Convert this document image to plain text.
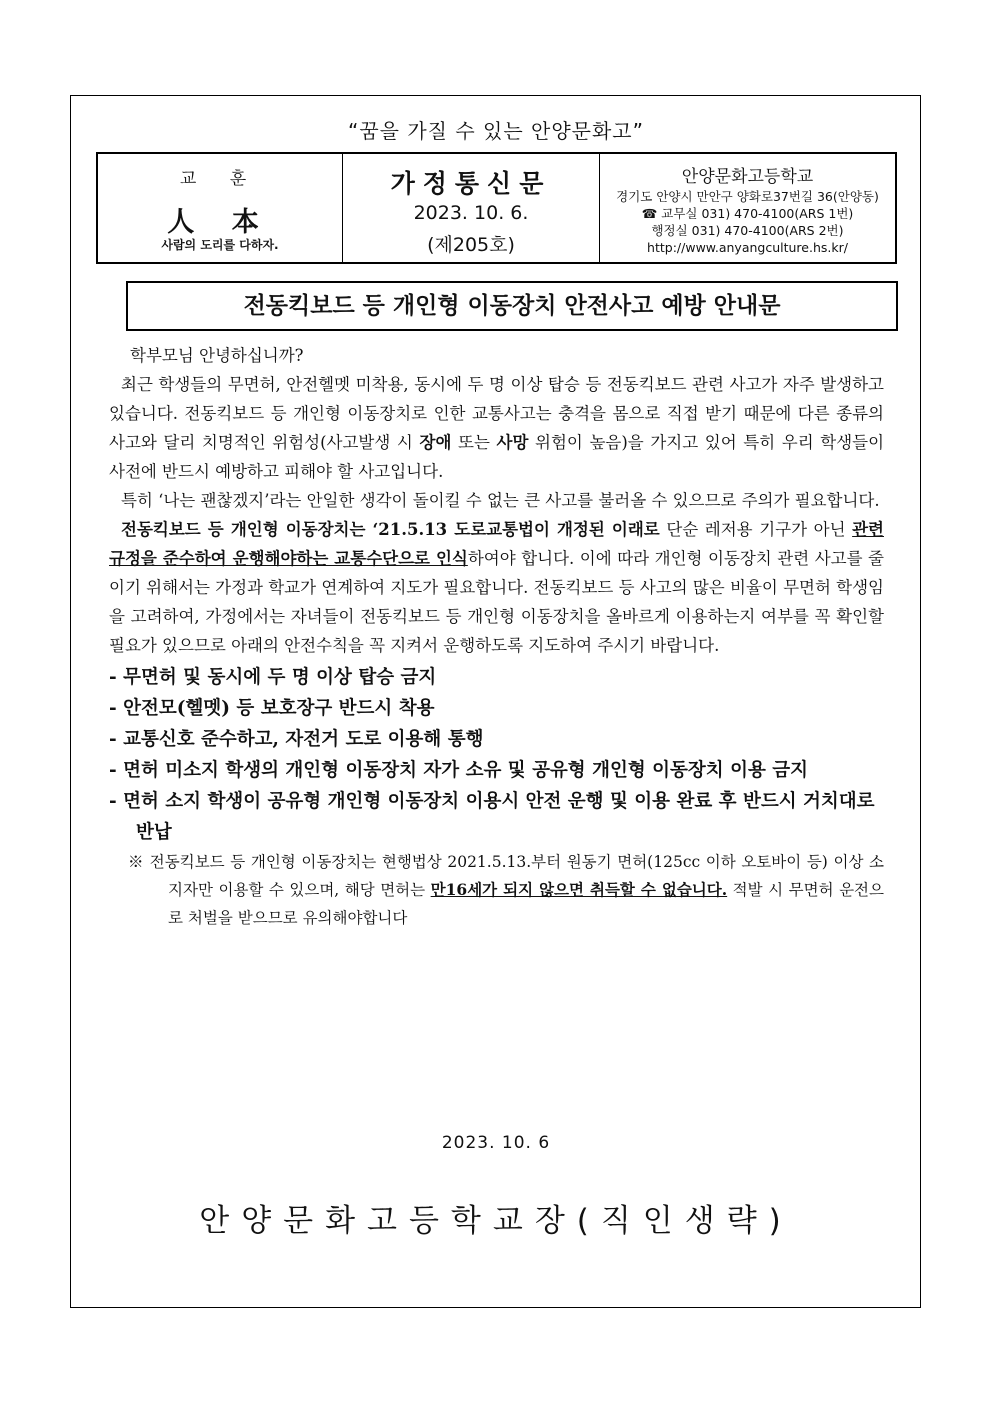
“꿈을 가질 수 있는 안양문화고”
교 훈
人 本
사람의 도리를 다하자.
가정통신문
2023. 10. 6.
(제205호)
안양문화고등학교
경기도 안양시 만안구 양화로37번길 36(안양동)
☎ 교무실 031) 470-4100(ARS 1번)
행정실 031) 470-4100(ARS 2번)
http://www.anyangculture.hs.kr/
전동킥보드 등 개인형 이동장치 안전사고 예방 안내문

학부모님 안녕하십니까?

최근 학생들의 무면허, 안전헬멧 미착용, 동시에 두 명 이상 탑승 등 전동킥보드 관련 사고가 자주 발생하고 있습니다. 전동킥보드 등 개인형 이동장치로 인한 교통사고는 충격을 몸으로 직접 받기 때문에 다른 종류의 사고와 달리 치명적인 위험성(사고발생 시 장애 또는 사망 위험이 높음)을 가지고 있어 특히 우리 학생들이 사전에 반드시 예방하고 피해야 할 사고입니다.

특히 ‘나는 괜찮겠지’라는 안일한 생각이 돌이킬 수 없는 큰 사고를 불러올 수 있으므로 주의가 필요합니다.

전동킥보드 등 개인형 이동장치는 ‘21.5.13 도로교통법이 개정된 이래로 단순 레저용 기구가 아닌 관련 규정을 준수하여 운행해야하는 교통수단으로 인식하여야 합니다. 이에 따라 개인형 이동장치 관련 사고를 줄이기 위해서는 가정과 학교가 연계하여 지도가 필요합니다. 전동킥보드 등 사고의 많은 비율이 무면허 학생임을 고려하여, 가정에서는 자녀들이 전동킥보드 등 개인형 이동장치을 올바르게 이용하는지 여부를 꼭 확인할 필요가 있으므로 아래의 안전수칙을 꼭 지켜서 운행하도록 지도하여 주시기 바랍니다.

- 무면허 및 동시에 두 명 이상 탑승 금지
- 안전모(헬멧) 등 보호장구 반드시 착용
- 교통신호 준수하고, 자전거 도로 이용해 통행
- 면허 미소지 학생의 개인형 이동장치 자가 소유 및 공유형 개인형 이동장치 이용 금지
- 면허 소지 학생이 공유형 개인형 이동장치 이용시 안전 운행 및 이용 완료 후 반드시 거치대로 반납

※ 전동킥보드 등 개인형 이동장치는 현행법상 2021.5.13.부터 원동기 면허(125cc 이하 오토바이 등) 이상 소지자만 이용할 수 있으며, 해당 면허는 만16세가 되지 않으면 취득할 수 없습니다. 적발 시 무면허 운전으로 처벌을 받으므로 유의해야합니다

2023. 10. 6
안양문화고등학교장(직인생략)
